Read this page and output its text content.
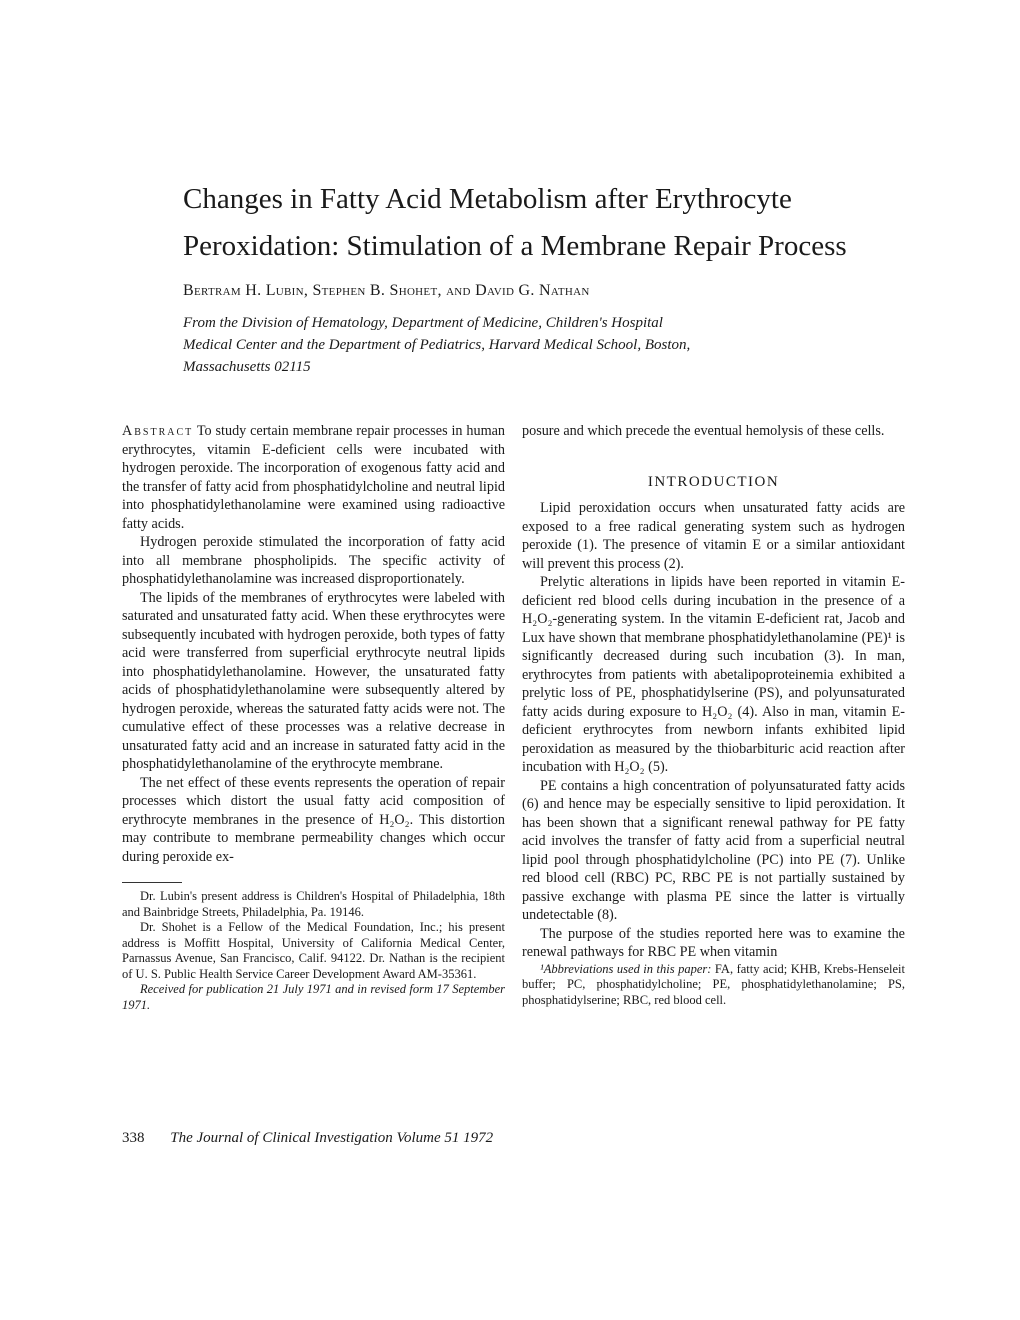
Changes in Fatty Acid Metabolism after Erythrocyte
Peroxidation: Stimulation of a Membrane Repair Process
Bertram H. Lubin, Stephen B. Shohet, and David G. Nathan
From the Division of Hematology, Department of Medicine, Children's Hospital Medical Center and the Department of Pediatrics, Harvard Medical School, Boston, Massachusetts 02115

Abstract To study certain membrane repair processes in human erythrocytes, vitamin E-deficient cells were incubated with hydrogen peroxide. The incorporation of exogenous fatty acid and the transfer of fatty acid from phosphatidylcholine and neutral lipid into phosphatidylethanolamine were examined using radioactive fatty acids.

Hydrogen peroxide stimulated the incorporation of fatty acid into all membrane phospholipids. The specific activity of phosphatidylethanolamine was increased disproportionately.

The lipids of the membranes of erythrocytes were labeled with saturated and unsaturated fatty acid. When these erythrocytes were subsequently incubated with hydrogen peroxide, both types of fatty acid were transferred from superficial erythrocyte neutral lipids into phosphatidylethanolamine. However, the unsaturated fatty acids of phosphatidylethanolamine were subsequently altered by hydrogen peroxide, whereas the saturated fatty acids were not. The cumulative effect of these processes was a relative decrease in unsaturated fatty acid and an increase in saturated fatty acid in the phosphatidylethanolamine of the erythrocyte membrane.

The net effect of these events represents the operation of repair processes which distort the usual fatty acid composition of erythrocyte membranes in the presence of H₂O₂. This distortion may contribute to membrane permeability changes which occur during peroxide ex-

Dr. Lubin's present address is Children's Hospital of Philadelphia, 18th and Bainbridge Streets, Philadelphia, Pa. 19146.

Dr. Shohet is a Fellow of the Medical Foundation, Inc.; his present address is Moffitt Hospital, University of California Medical Center, Parnassus Avenue, San Francisco, Calif. 94122. Dr. Nathan is the recipient of U. S. Public Health Service Career Development Award AM-35361.

Received for publication 21 July 1971 and in revised form 17 September 1971.

posure and which precede the eventual hemolysis of these cells.

INTRODUCTION

Lipid peroxidation occurs when unsaturated fatty acids are exposed to a free radical generating system such as hydrogen peroxide (1). The presence of vitamin E or a similar antioxidant will prevent this process (2).

Prelytic alterations in lipids have been reported in vitamin E-deficient red blood cells during incubation in the presence of a H₂O₂-generating system. In the vitamin E-deficient rat, Jacob and Lux have shown that membrane phosphatidylethanolamine (PE)¹ is significantly decreased during such incubation (3). In man, erythrocytes from patients with abetalipoproteinemia exhibited a prelytic loss of PE, phosphatidylserine (PS), and polyunsaturated fatty acids during exposure to H₂O₂ (4). Also in man, vitamin E-deficient erythrocytes from newborn infants exhibited lipid peroxidation as measured by the thiobarbituric acid reaction after incubation with H₂O₂ (5).

PE contains a high concentration of polyunsaturated fatty acids (6) and hence may be especially sensitive to lipid peroxidation. It has been shown that a significant renewal pathway for PE fatty acid involves the transfer of fatty acid from a superficial neutral lipid pool through phosphatidylcholine (PC) into PE (7). Unlike red blood cell (RBC) PC, RBC PE is not partially sustained by passive exchange with plasma PE since the latter is virtually undetectable (8).

The purpose of the studies reported here was to examine the renewal pathways for RBC PE when vitamin

¹Abbreviations used in this paper: FA, fatty acid; KHB, Krebs-Henseleit buffer; PC, phosphatidylcholine; PE, phosphatidylethanolamine; PS, phosphatidylserine; RBC, red blood cell.

338 The Journal of Clinical Investigation Volume 51 1972
